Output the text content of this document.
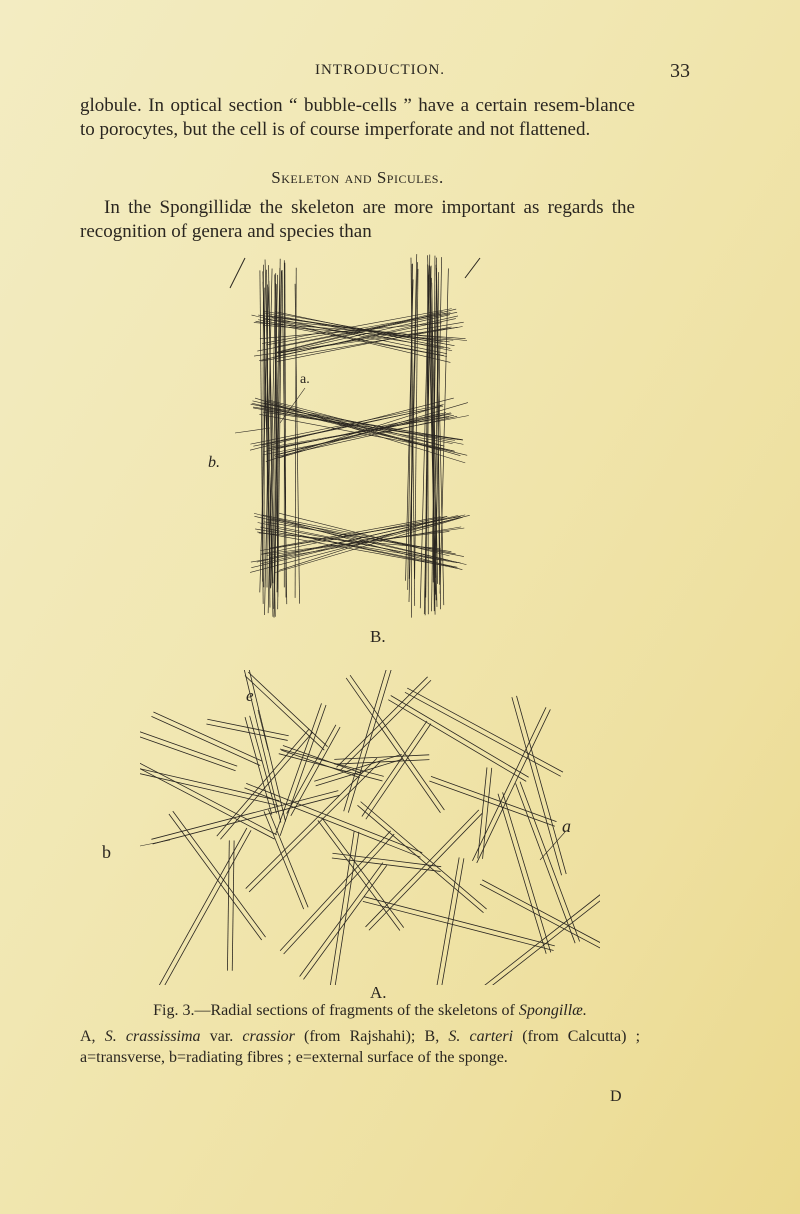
INTRODUCTION.	33
globule. In optical section “ bubble-cells ” have a certain resem-blance to porocytes, but the cell is of course imperforate and not flattened.
Skeleton and Spicules.
In the Spongillidæ the skeleton are more important as regards the recognition of genera and species than
a.
b.
B.
e
a
b
A.
Fig. 3.—Radial sections of fragments of the skeletons of Spongillæ.
A, S. crassissima var. crassior (from Rajshahi); B, S. carteri (from Calcutta) ; a=transverse, b=radiating fibres ; e=external surface of the sponge.
D
